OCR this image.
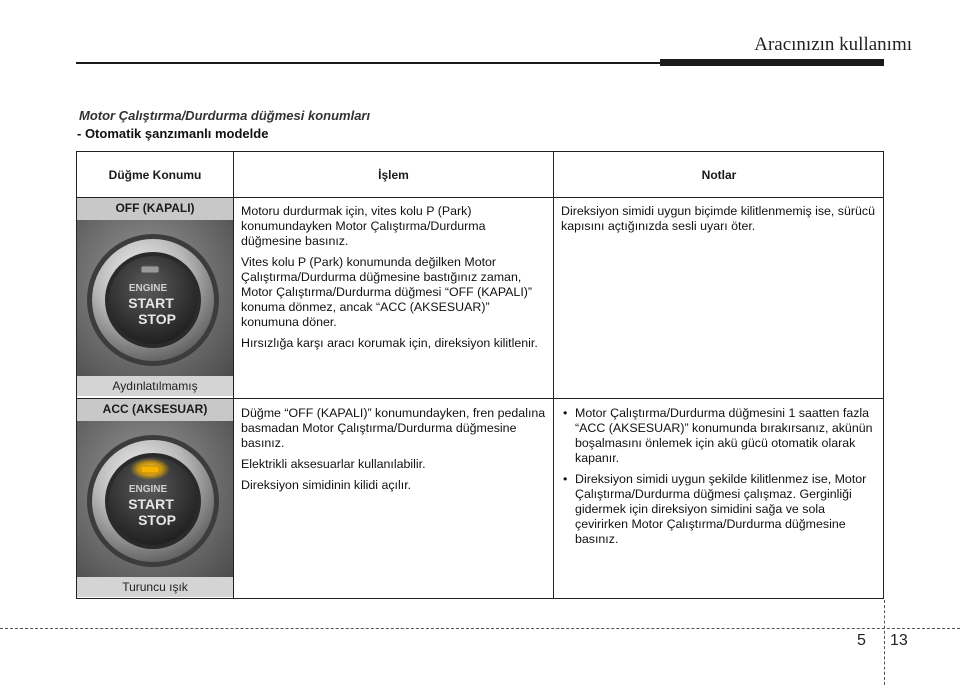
Aracınızın kullanımı
Motor Çalıştırma/Durdurma düğmesi konumları
- Otomatik şanzımanlı modelde
Düğme Konumu	İşlem	Notlar
OFF (KAPALI)
ENGINE
START
STOP
Aydınlatılmamış

Motoru durdurmak için, vites kolu P (Park) konumundayken Motor Çalıştırma/Durdurma düğmesine basınız.

Vites kolu P (Park) konumunda değilken Motor Çalıştırma/Durdurma düğmesine bastığınız zaman, Motor Çalıştırma/Durdurma düğmesi “OFF (KAPALI)” konuma dönmez, ancak “ACC (AKSESUAR)” konumuna döner.

Hırsızlığa karşı aracı korumak için, direksiyon kilitlenir.

Direksiyon simidi uygun biçimde kilitlenmemiş ise, sürücü kapısını açtığınızda sesli uyarı öter.

ACC (AKSESUAR)
ENGINE
START
STOP
Turuncu ışık

Düğme “OFF (KAPALI)” konumundayken, fren pedalına basmadan Motor Çalıştırma/Durdurma düğmesine basınız.

Elektrikli aksesuarlar kullanılabilir.

Direksiyon simidinin kilidi açılır.

• Motor Çalıştırma/Durdurma düğmesini 1 saatten fazla “ACC (AKSESUAR)” konumunda bırakırsanız, akünün boşalmasını önlemek için akü gücü otomatik olarak kapanır.
• Direksiyon simidi uygun şekilde kilitlenmez ise, Motor Çalıştırma/Durdurma düğmesi çalışmaz. Gerginliği gidermek için direksiyon simidini sağa ve sola çevirirken Motor Çalıştırma/Durdurma düğmesine basınız.
5 13
